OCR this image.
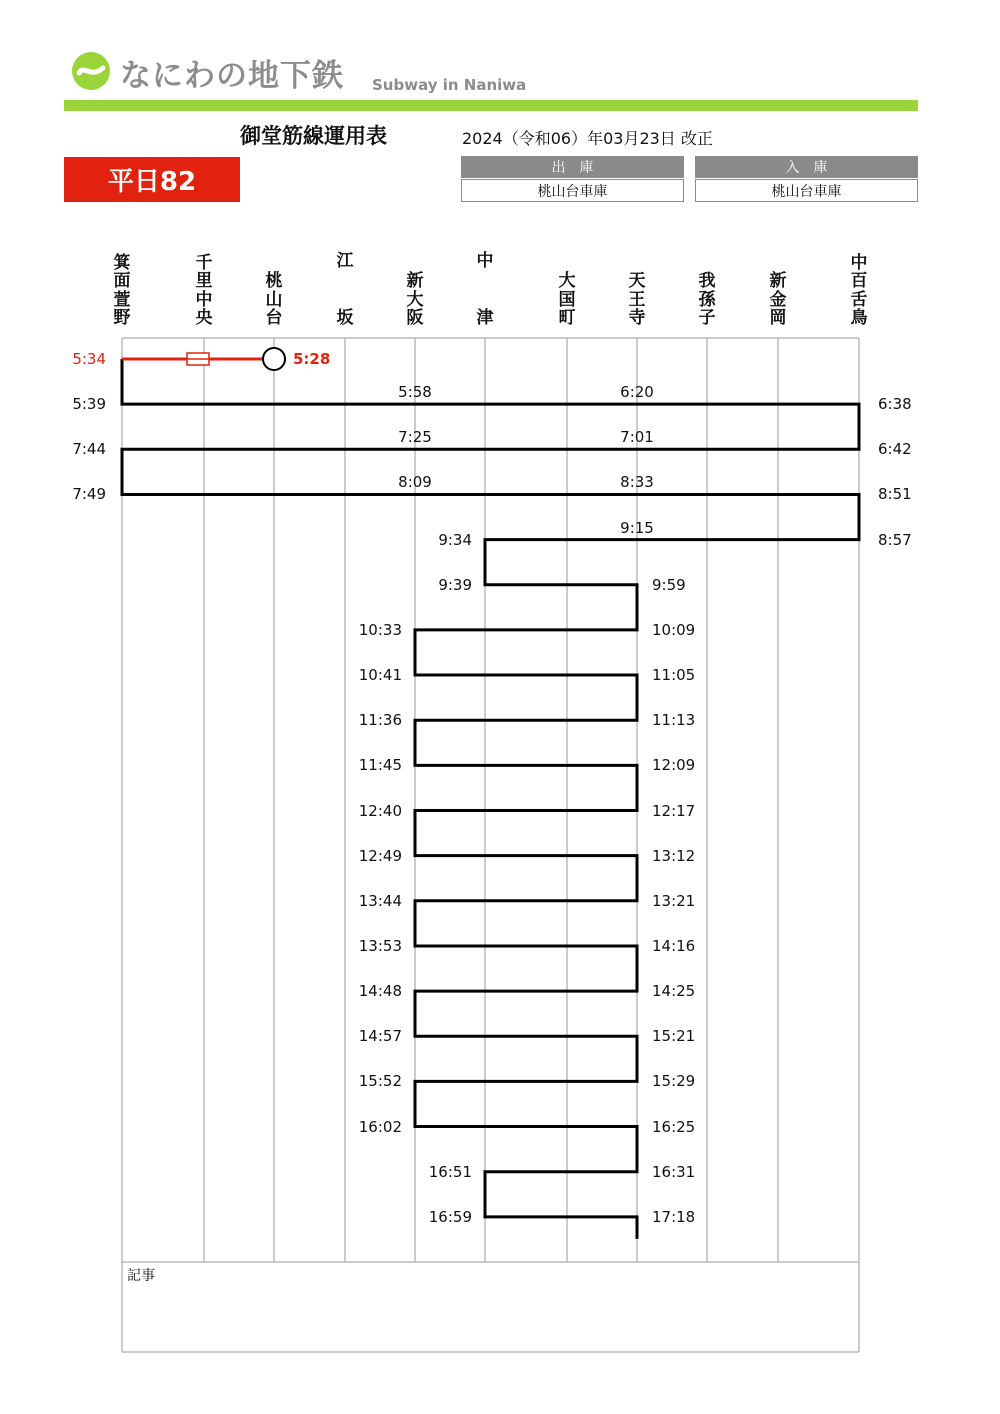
なにわの地下鉄 Subway in Naniwa
御堂筋線運用表	2024（令和06）年03月23日 改正
平日82	出庫
桃山台車庫
入庫
桃山台車庫
箕
面
萱
野
千
里
中
央
桃
山
台
江
坂
新
大
阪
中
津
大
国
町
天
王
寺
我
孫
子
新
金
岡
中
百
舌
鳥
5:34	5:28
5:39
5:58	6:20
6:42
7:01
7:25
7:49
8:09	8:33
8:57
9:15
9:39
10:09
10:41
11:13
11:45
12:17
12:49
13:21
13:53
14:25
14:57
15:29
16:02
16:31
16:59
6:38
7:44
8:51
9:34
9:59
10:33
11:05
11:36
12:09
12:40
13:12
13:44
14:16
14:48
15:21
15:52
16:25
16:51
17:18
記事
